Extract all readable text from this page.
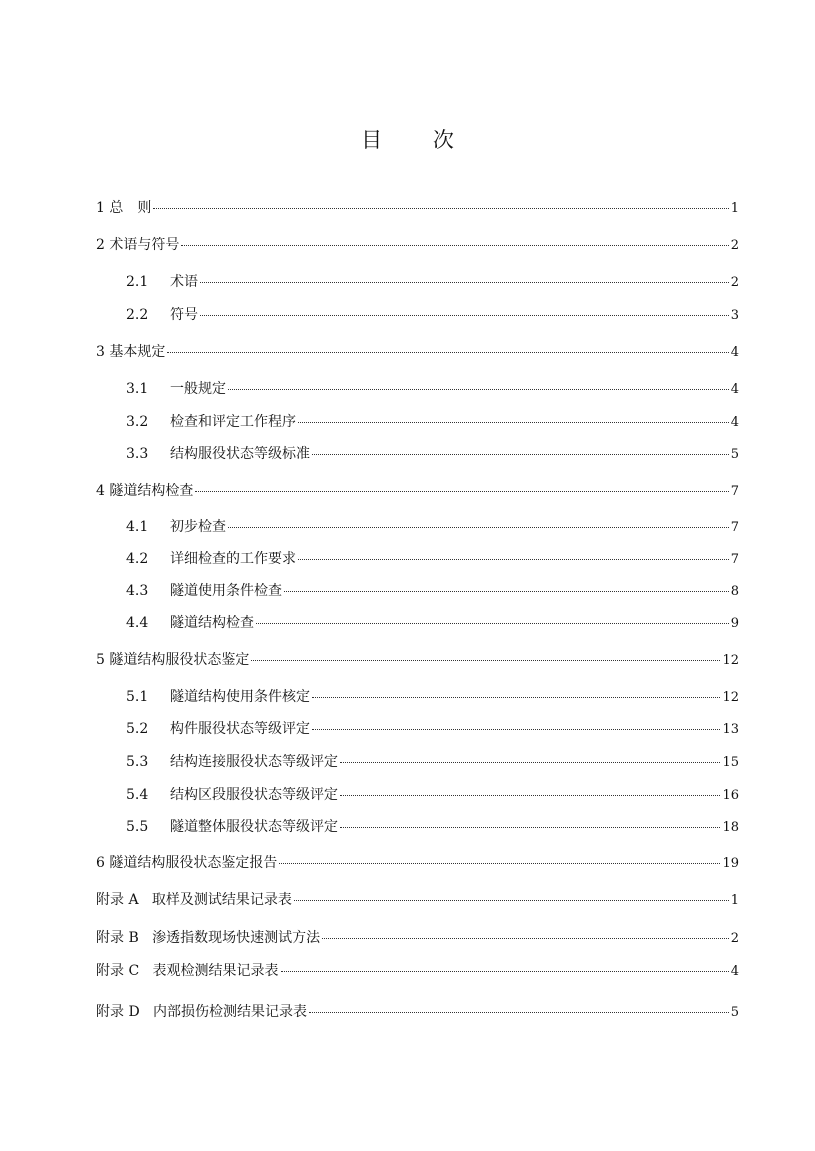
目 次
1 总　则	1
2 术语与符号	2
2.1	术语	2
2.2	符号	3
3 基本规定	4
3.1	一般规定	4
3.2	检查和评定工作程序	4
3.3	结构服役状态等级标准	5
4 隧道结构检查	7
4.1	初步检查	7
4.2	详细检查的工作要求	7
4.3	隧道使用条件检查	8
4.4	隧道结构检查	9
5 隧道结构服役状态鉴定	12
5.1	隧道结构使用条件核定	12
5.2	构件服役状态等级评定	13
5.3	结构连接服役状态等级评定	15
5.4	结构区段服役状态等级评定	16
5.5	隧道整体服役状态等级评定	18
6 隧道结构服役状态鉴定报告	19
附录 A 取样及测试结果记录表	1
附录 B 渗透指数现场快速测试方法	2
附录 C 表观检测结果记录表	4
附录 D 内部损伤检测结果记录表	5
